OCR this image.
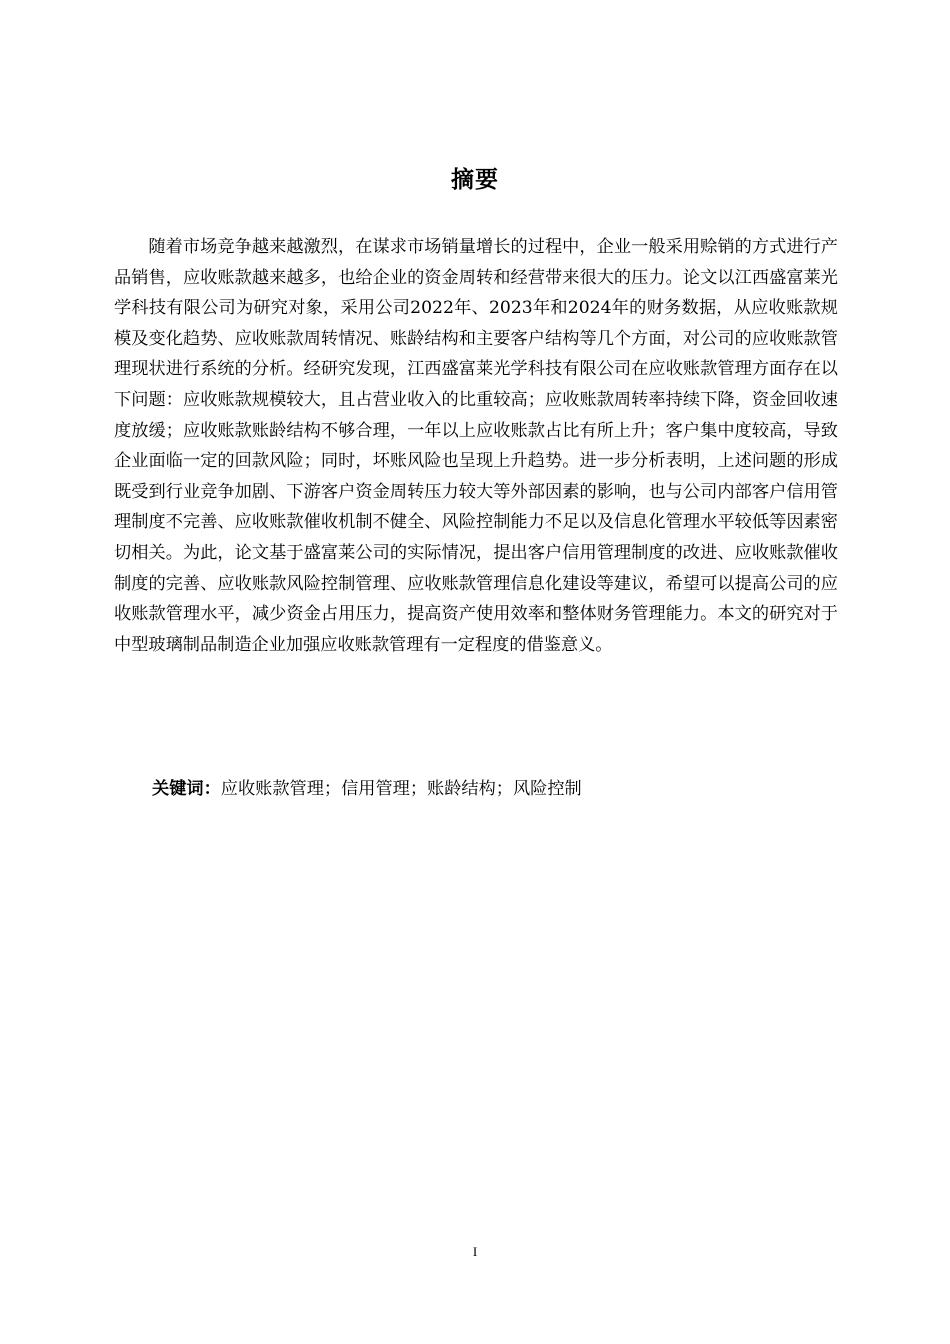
摘要

随着市场竞争越来越激烈，在谋求市场销量增长的过程中，企业一般采用赊销的方式进行产品销售，应收账款越来越多，也给企业的资金周转和经营带来很大的压力。论文以江西盛富莱光学科技有限公司为研究对象，采用公司2022年、2023年和2024年的财务数据，从应收账款规模及变化趋势、应收账款周转情况、账龄结构和主要客户结构等几个方面，对公司的应收账款管理现状进行系统的分析。经研究发现，江西盛富莱光学科技有限公司在应收账款管理方面存在以下问题：应收账款规模较大，且占营业收入的比重较高；应收账款周转率持续下降，资金回收速度放缓；应收账款账龄结构不够合理，一年以上应收账款占比有所上升；客户集中度较高，导致企业面临一定的回款风险；同时，坏账风险也呈现上升趋势。进一步分析表明，上述问题的形成既受到行业竞争加剧、下游客户资金周转压力较大等外部因素的影响，也与公司内部客户信用管理制度不完善、应收账款催收机制不健全、风险控制能力不足以及信息化管理水平较低等因素密切相关。为此，论文基于盛富莱公司的实际情况，提出客户信用管理制度的改进、应收账款催收制度的完善、应收账款风险控制管理、应收账款管理信息化建设等建议，希望可以提高公司的应收账款管理水平，减少资金占用压力，提高资产使用效率和整体财务管理能力。本文的研究对于中型玻璃制品制造企业加强应收账款管理有一定程度的借鉴意义。

关键词：应收账款管理；信用管理；账龄结构；风险控制

I
